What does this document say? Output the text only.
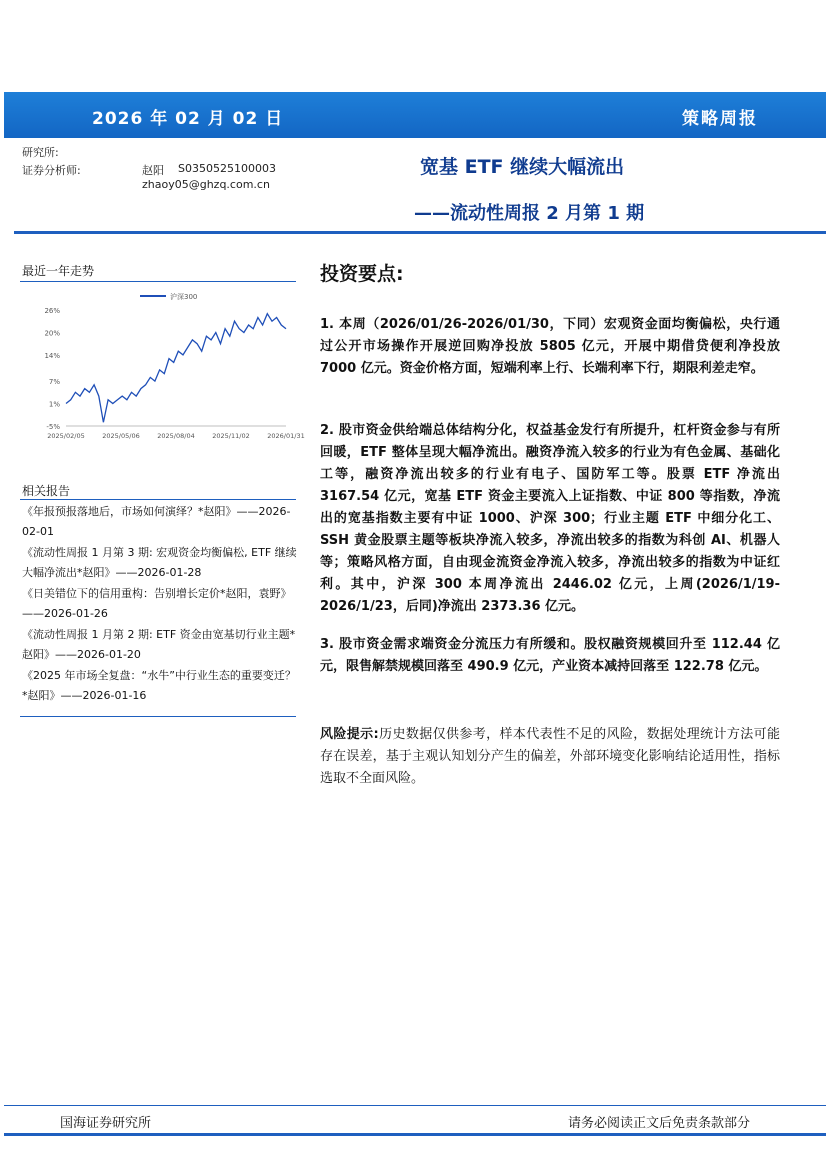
2026 年 02 月 02 日	策略周报
研究所:
证券分析师:	赵阳 S0350525100003
zhaoy05@ghzq.com.cn
宽基 ETF 继续大幅流出
——流动性周报 2 月第 1 期
最近一年走势
26%
20%
14%
7%
1%
-5%
2025/02/05	2025/05/06	2025/08/04	2025/11/02	2026/01/31
沪深300
相关报告

《年报预报落地后，市场如何演绎？*赵阳》——2026-02-01

《流动性周报 1 月第 3 期: 宏观资金均衡偏松, ETF 继续大幅净流出*赵阳》——2026-01-28

《日美错位下的信用重构：告别增长定价*赵阳，袁野》——2026-01-26

《流动性周报 1 月第 2 期: ETF 资金由宽基切行业主题*赵阳》——2026-01-20

《2025 年市场全复盘：“水牛”中行业生态的重要变迁？*赵阳》——2026-01-16

投资要点:
1. 本周（2026/01/26-2026/01/30，下同）宏观资金面均衡偏松，央行通过公开市场操作开展逆回购净投放 5805 亿元，开展中期借贷便利净投放 7000 亿元。资金价格方面，短端利率上行、长端利率下行，期限利差走窄。
2. 股市资金供给端总体结构分化，权益基金发行有所提升，杠杆资金参与有所回暖，ETF 整体呈现大幅净流出。融资净流入较多的行业为有色金属、基础化工等，融资净流出较多的行业有电子、国防军工等。股票 ETF 净流出 3167.54 亿元，宽基 ETF 资金主要流入上证指数、中证 800 等指数，净流出的宽基指数主要有中证 1000、沪深 300；行业主题 ETF 中细分化工、SSH 黄金股票主题等板块净流入较多，净流出较多的指数为科创 AI、机器人等；策略风格方面，自由现金流资金净流入较多，净流出较多的指数为中证红利。其中，沪深 300 本周净流出 2446.02 亿元，上周(2026/1/19-2026/1/23，后同)净流出 2373.36 亿元。
3. 股市资金需求端资金分流压力有所缓和。股权融资规模回升至 112.44 亿元，限售解禁规模回落至 490.9 亿元，产业资本减持回落至 122.78 亿元。
风险提示:历史数据仅供参考，样本代表性不足的风险，数据处理统计方法可能存在误差，基于主观认知划分产生的偏差，外部环境变化影响结论适用性，指标选取不全面风险。
国海证券研究所	请务必阅读正文后免责条款部分
